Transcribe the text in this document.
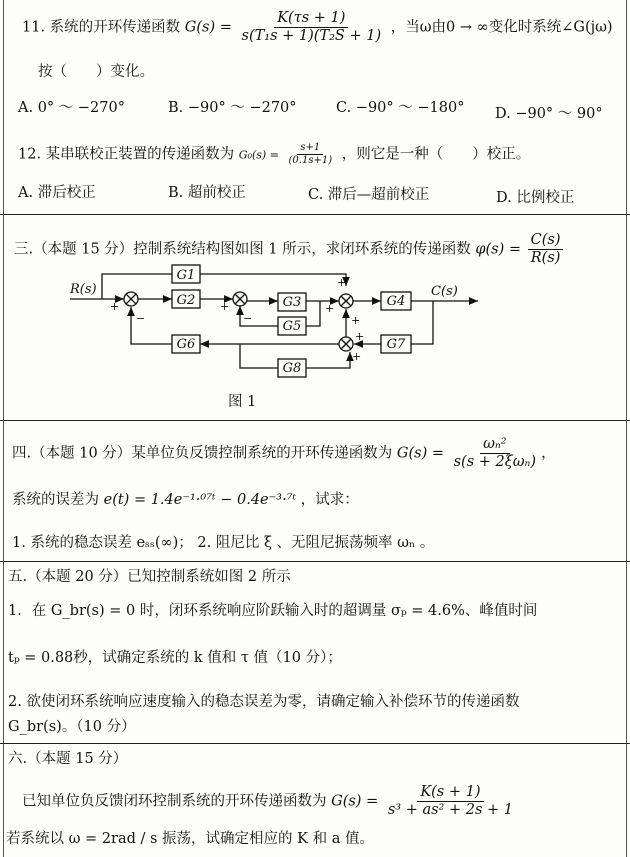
11. 系统的开环传递函数 $G(s) = \frac{K(\tau s + 1)}{\text{s(T₁s + 1)(T₂S + 1)}}$ ，当ω由0 → ∞变化时系统∠G(jω)
按（　　）变化。
A. 0° ～ −270°	B. −90° ～ −270°	C. −90° ～ −180° D. −90° ～ 90°
12. 某串联校正装置的传递函数为 $G_0(s) = \frac{s+1}{(0.1s+1)}$ ，则它是一种（　　）校正。
A. 滞后校正	B. 超前校正	C. 滞后—超前校正	D. 比例校正
三.（本题 15 分）控制系统结构图如图 1 所示，求闭环系统的传递函数 $\varphi(s) = \frac{C(s)}{R(s)}$
R(s)	C(s)
G1
G2	G3
G5
G4
G6
G8
G7
+
−
+
−
+
+
+
+
+
图 1
四.（本题 10 分）某单位负反馈控制系统的开环传递函数为 $G(s) = \frac{\text{ωₙ²}}{\text{s(s + 2ξωₙ)}}$ ，
系统的误差为 e(t) = 1.4e⁻¹·⁰⁷ᵗ − 0.4e⁻³·⁷ᵗ ，试求：
1. 系统的稳态误差 eₛₛ(∞)； 2. 阻尼比 ξ 、无阻尼振荡频率 ωₙ 。
五.（本题 20 分）已知控制系统如图 2 所示
1．在 G_br(s) = 0 时，闭环系统响应阶跃输入时的超调量 σₚ = 4.6%、峰值时间
tₚ = 0.88秒，试确定系统的 k 值和 τ 值（10 分）；
2. 欲使闭环系统响应速度输入的稳态误差为零，请确定输入补偿环节的传递函数
G_br(s)。（10 分）
六.（本题 15 分）
已知单位负反馈闭环控制系统的开环传递函数为 $G(s) = \frac{K(s + 1)}{\text{s³ + as² + 2s + 1}}$
若系统以 ω = 2rad / s 振荡，试确定相应的 K 和 a 值。
